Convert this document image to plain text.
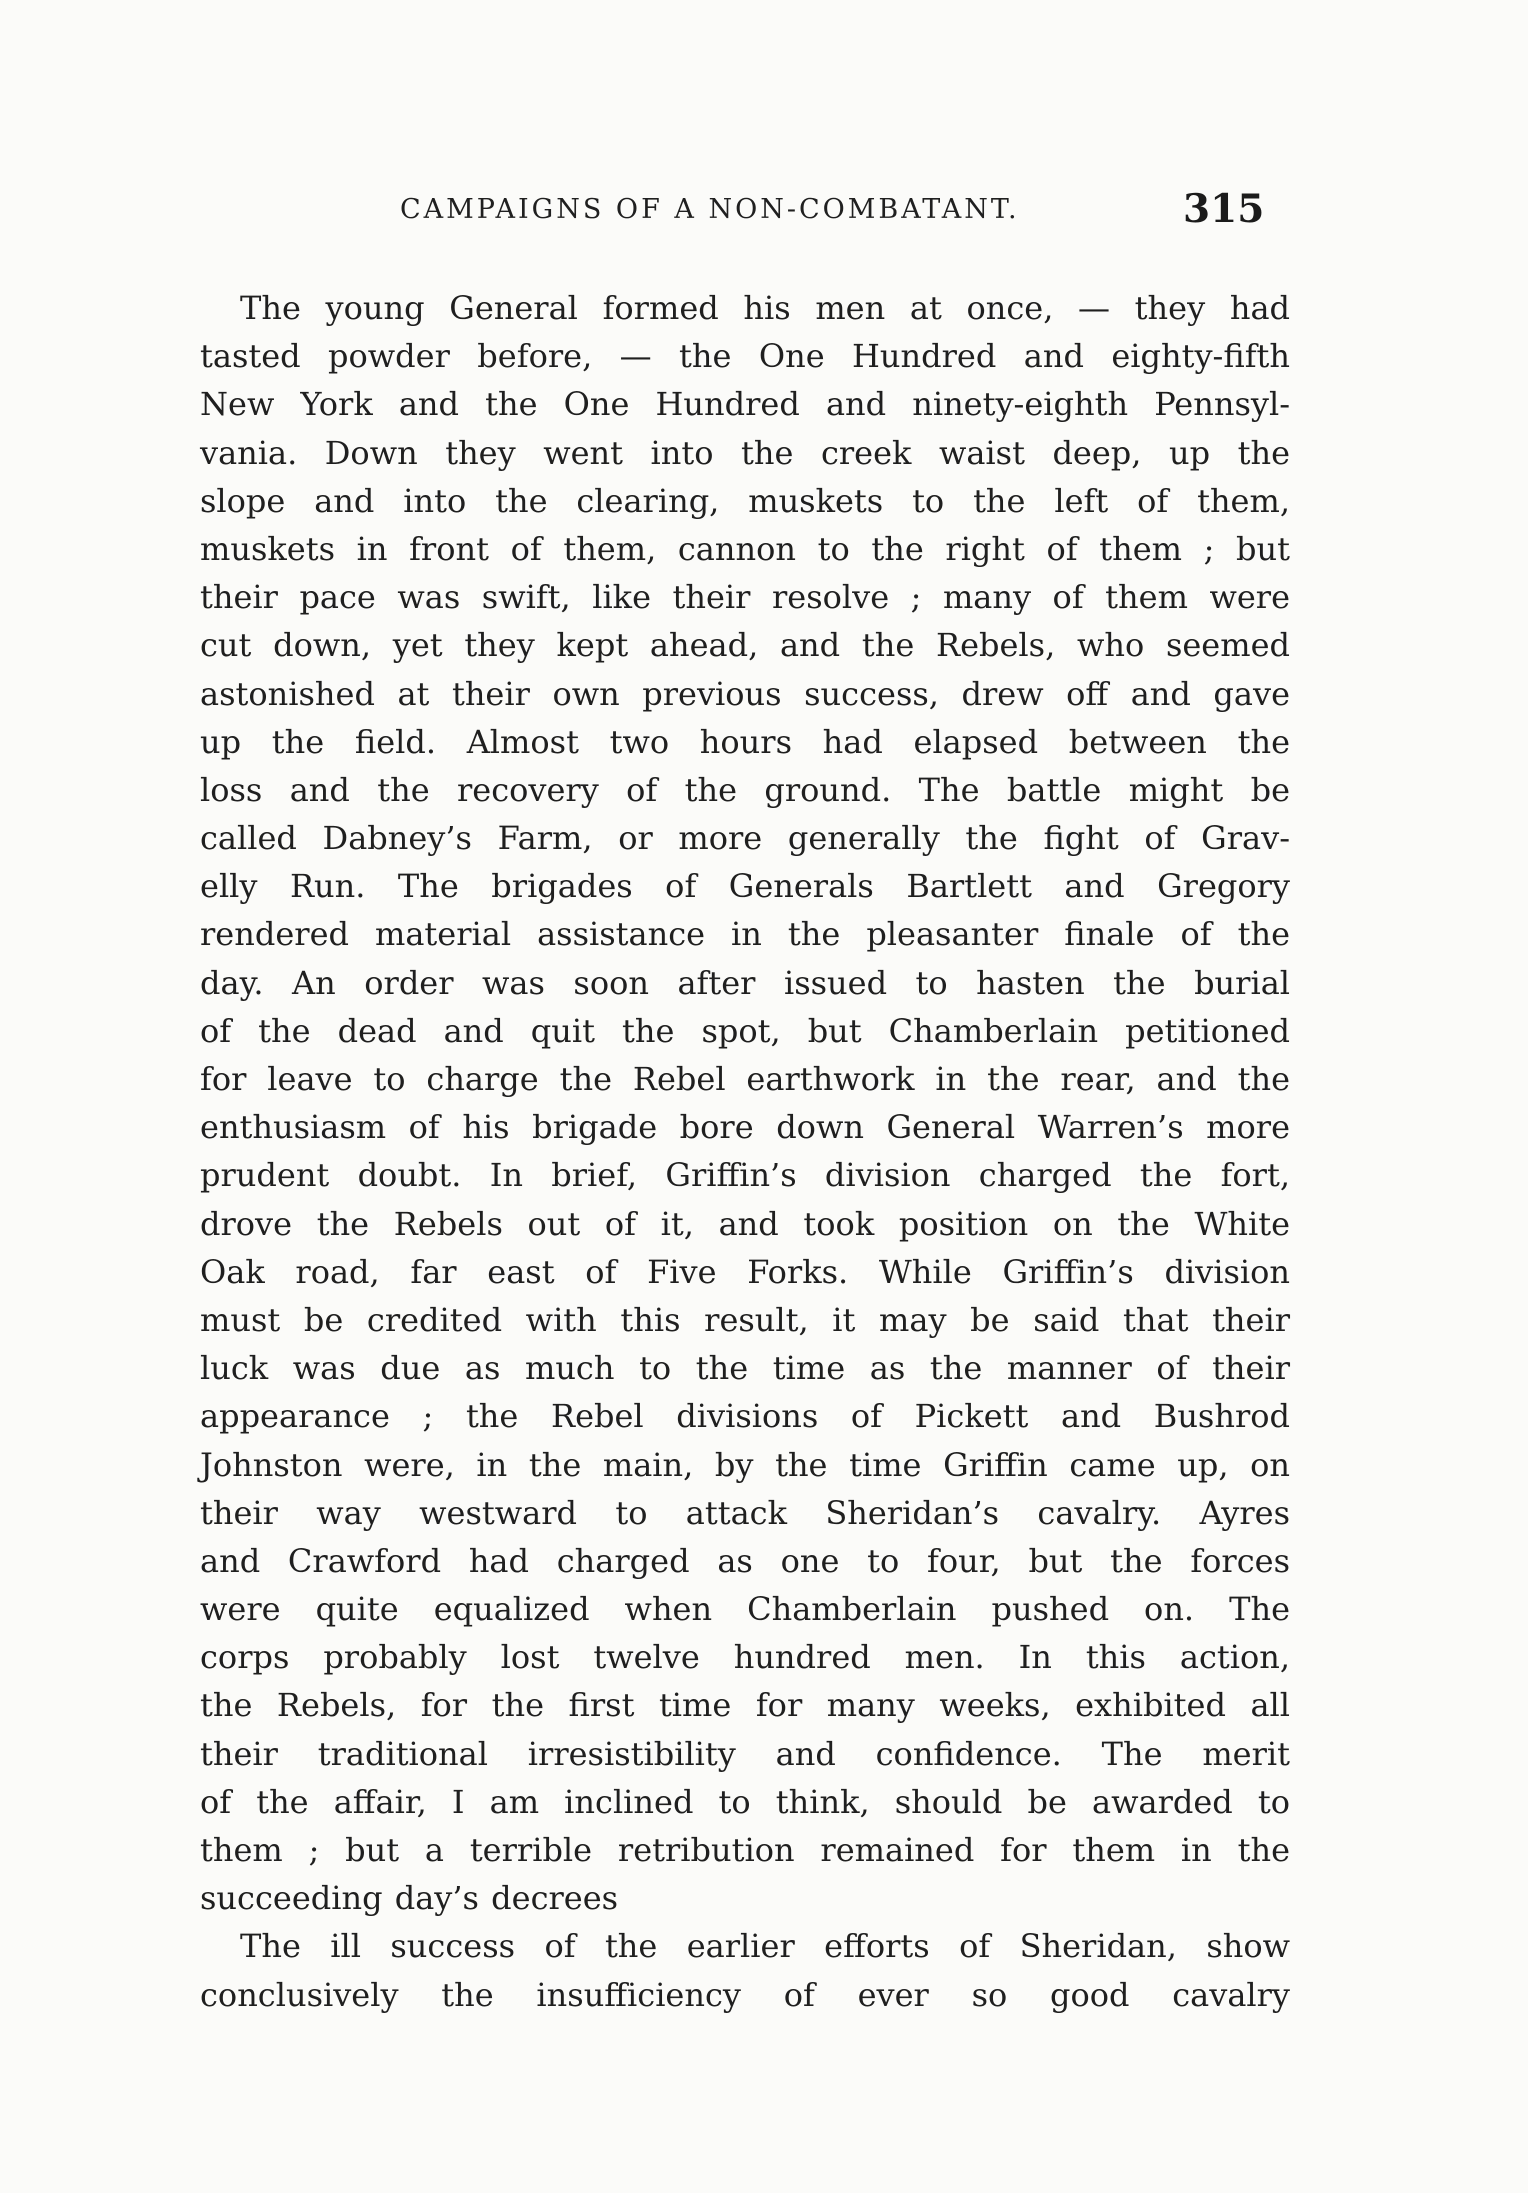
CAMPAIGNS OF A NON-COMBATANT.	315

The young General formed his men at once, — they had
tasted powder before, — the One Hundred and eighty-fifth
New York and the One Hundred and ninety-eighth Pennsyl-
vania. Down they went into the creek waist deep, up the
slope and into the clearing, muskets to the left of them,
muskets in front of them, cannon to the right of them ; but
their pace was swift, like their resolve ; many of them were
cut down, yet they kept ahead, and the Rebels, who seemed
astonished at their own previous success, drew off and gave
up the field. Almost two hours had elapsed between the
loss and the recovery of the ground. The battle might be
called Dabney’s Farm, or more generally the fight of Grav-
elly Run. The brigades of Generals Bartlett and Gregory
rendered material assistance in the pleasanter finale of the
day. An order was soon after issued to hasten the burial
of the dead and quit the spot, but Chamberlain petitioned
for leave to charge the Rebel earthwork in the rear, and the
enthusiasm of his brigade bore down General Warren’s more
prudent doubt. In brief, Griffin’s division charged the fort,
drove the Rebels out of it, and took position on the White
Oak road, far east of Five Forks. While Griffin’s division
must be credited with this result, it may be said that their
luck was due as much to the time as the manner of their
appearance ; the Rebel divisions of Pickett and Bushrod
Johnston were, in the main, by the time Griffin came up, on
their way westward to attack Sheridan’s cavalry. Ayres
and Crawford had charged as one to four, but the forces
were quite equalized when Chamberlain pushed on. The
corps probably lost twelve hundred men. In this action,
the Rebels, for the first time for many weeks, exhibited all
their traditional irresistibility and confidence. The merit
of the affair, I am inclined to think, should be awarded to
them ; but a terrible retribution remained for them in the
succeeding day’s decrees

The ill success of the earlier efforts of Sheridan, show
conclusively the insufficiency of ever so good cavalry
